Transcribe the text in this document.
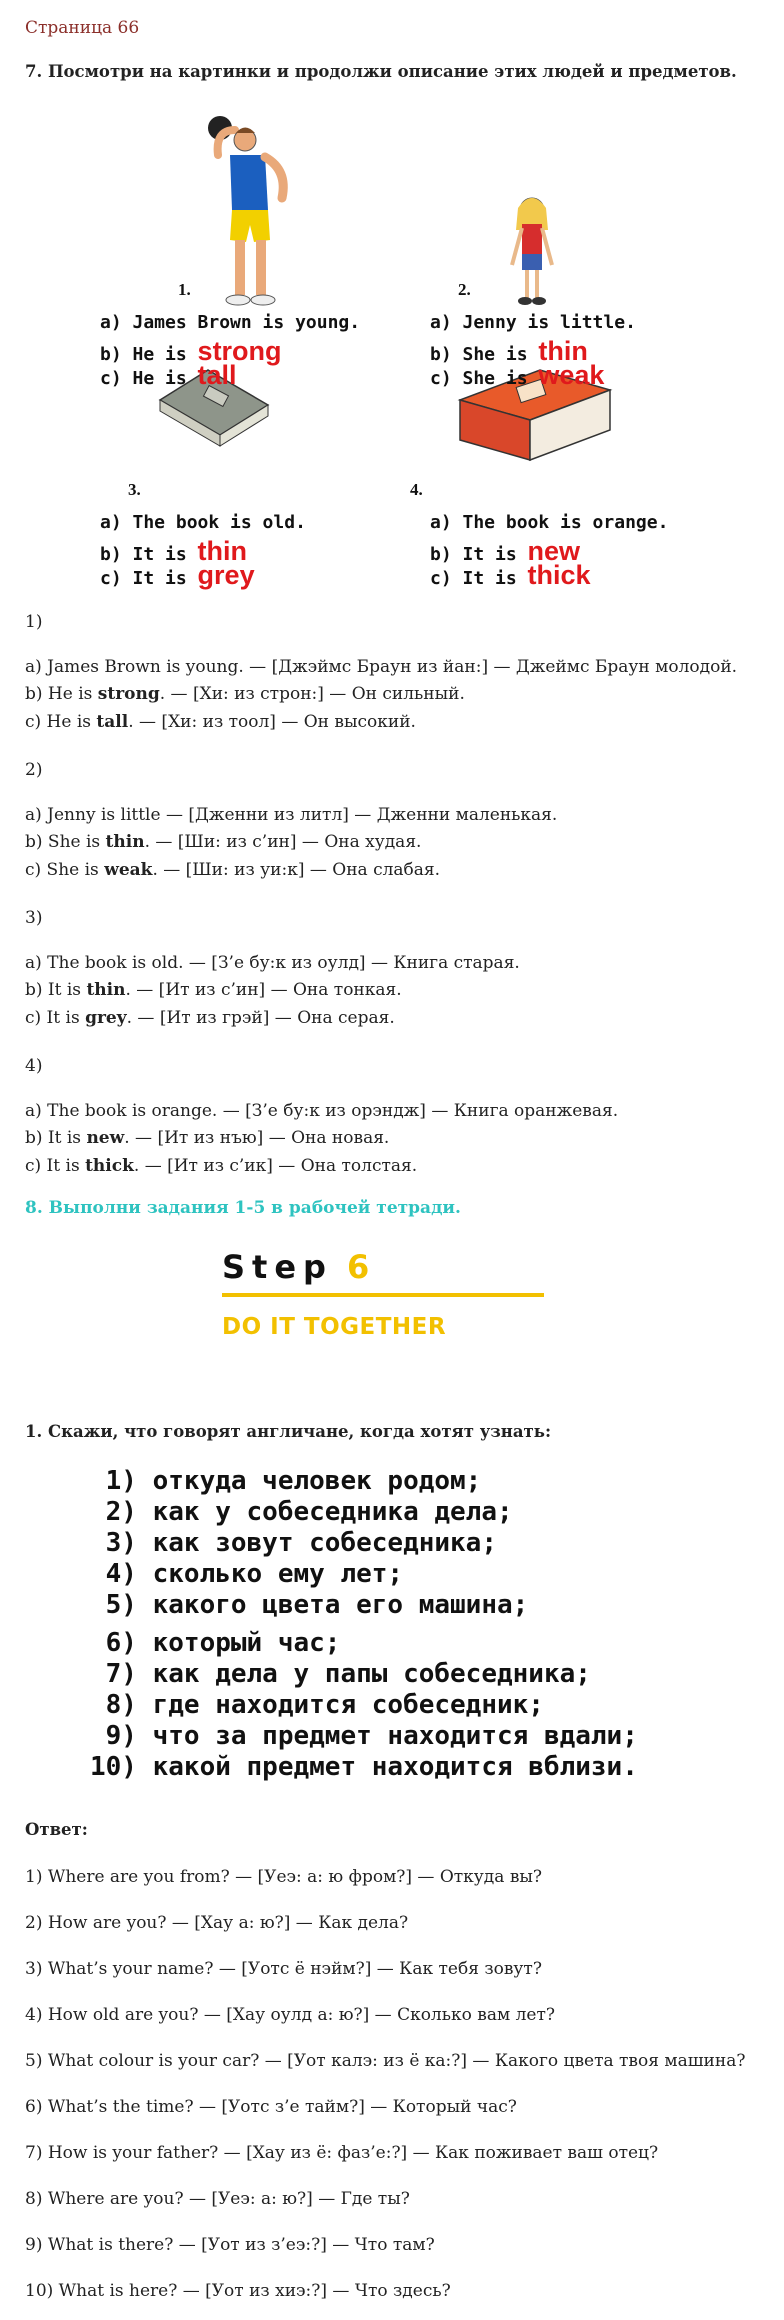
Страница 66
7. Посмотри на картинки и продолжи описание этих людей и предметов.
1.
a) James Brown is young.
b) He is strong
c) He is tall
2.
a) Jenny is little.
b) She is thin
c) She is weak
3.
a) The book is old.
b) It is thin
c) It is grey
4.
a) The book is orange.
b) It is new
c) It is thick
1)
a) James Brown is young. — [Джэймс Браун из йан:] — Джеймс Браун молодой.
b) He is strong. — [Хи: из строн:] — Он сильный.
c) He is tall. — [Хи: из тоол] — Он высокий.
2)
a) Jenny is little — [Дженни из литл] — Дженни маленькая.
b) She is thin. — [Ши: из с’ин] — Она худая.
c) She is weak. — [Ши: из уи:к] — Она слабая.
3)
a) The book is old. — [З’е бу:к из оулд] — Книга старая.
b) It is thin. — [Ит из с’ин] — Она тонкая.
c) It is grey. — [Ит из грэй] — Она серая.
4)
a) The book is orange. — [З’е бу:к из орэндж] — Книга оранжевая.
b) It is new. — [Ит из нъю] — Она новая.
c) It is thick. — [Ит из с’ик] — Она толстая.
8. Выполни задания 1-5 в рабочей тетради.
Step 6
DO IT TOGETHER
1. Скажи, что говорят англичане, когда хотят узнать:
1) откуда человек родом;
2) как у собеседника дела;
3) как зовут собеседника;
4) сколько ему лет;
5) какого цвета его машина;
6) который час;
7) как дела у папы собеседника;
8) где находится собеседник;
9) что за предмет находится вдали;
10) какой предмет находится вблизи.
Ответ:
1) Where are you from? — [Уеэ: а: ю фром?] — Откуда вы?
2) How are you? — [Хау а: ю?] — Как дела?
3) What’s your name? — [Уотс ё нэйм?] — Как тебя зовут?
4) How old are you? — [Хау оулд а: ю?] — Сколько вам лет?
5) What colour is your car? — [Уот калэ: из ё ка:?] — Какого цвета твоя машина?
6) What’s the time? — [Уотс з’е тайм?] — Который час?
7) How is your father? — [Хау из ё: фаз’е:?] — Как поживает ваш отец?
8) Where are you? — [Уеэ: а: ю?] — Где ты?
9) What is there? — [Уот из з’еэ:?] — Что там?
10) What is here? — [Уот из хиэ:?] — Что здесь?
